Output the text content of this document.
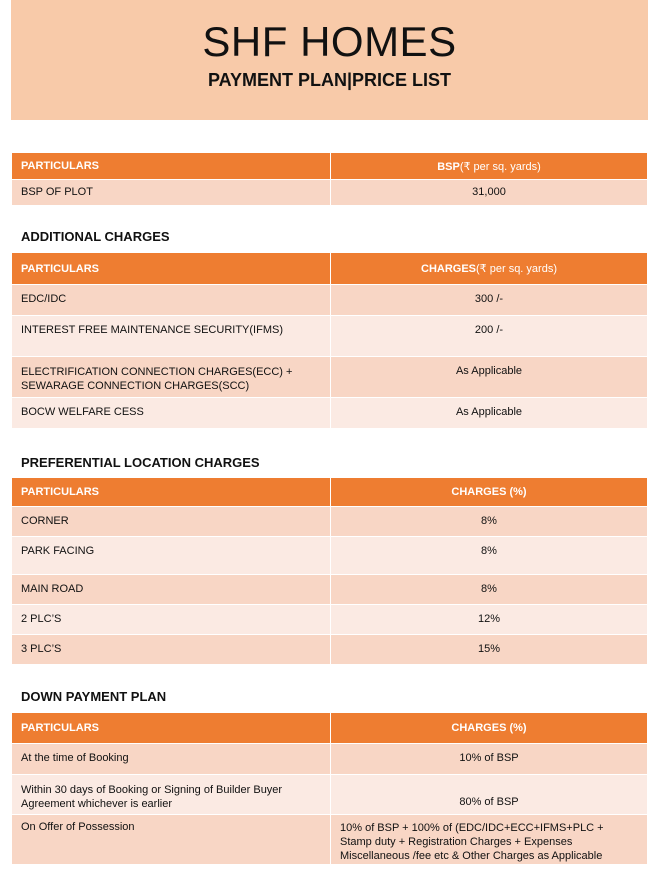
SHF HOMES
PAYMENT PLAN|PRICE LIST
PARTICULARS	BSP(₹ per sq. yards)
BSP OF PLOT	31,000
ADDITIONAL CHARGES
PARTICULARS	CHARGES(₹ per sq. yards)
EDC/IDC	300 /-
INTEREST FREE MAINTENANCE SECURITY(IFMS)	200 /-
ELECTRIFICATION CONNECTION CHARGES(ECC) + SEWARAGE CONNECTION CHARGES(SCC)	As Applicable
BOCW WELFARE CESS	As Applicable
PREFERENTIAL LOCATION CHARGES
PARTICULARS	CHARGES (%)
CORNER	8%
PARK FACING	8%
MAIN ROAD	8%
2 PLC’S	12%
3 PLC’S	15%
DOWN PAYMENT PLAN
PARTICULARS	CHARGES (%)
At the time of Booking	10% of BSP
Within 30 days of Booking or Signing of Builder Buyer Agreement whichever is earlier	80% of BSP
On Offer of Possession	10% of BSP + 100% of (EDC/IDC+ECC+IFMS+PLC + Stamp duty + Registration Charges + Expenses Miscellaneous /fee etc & Other Charges as Applicable
